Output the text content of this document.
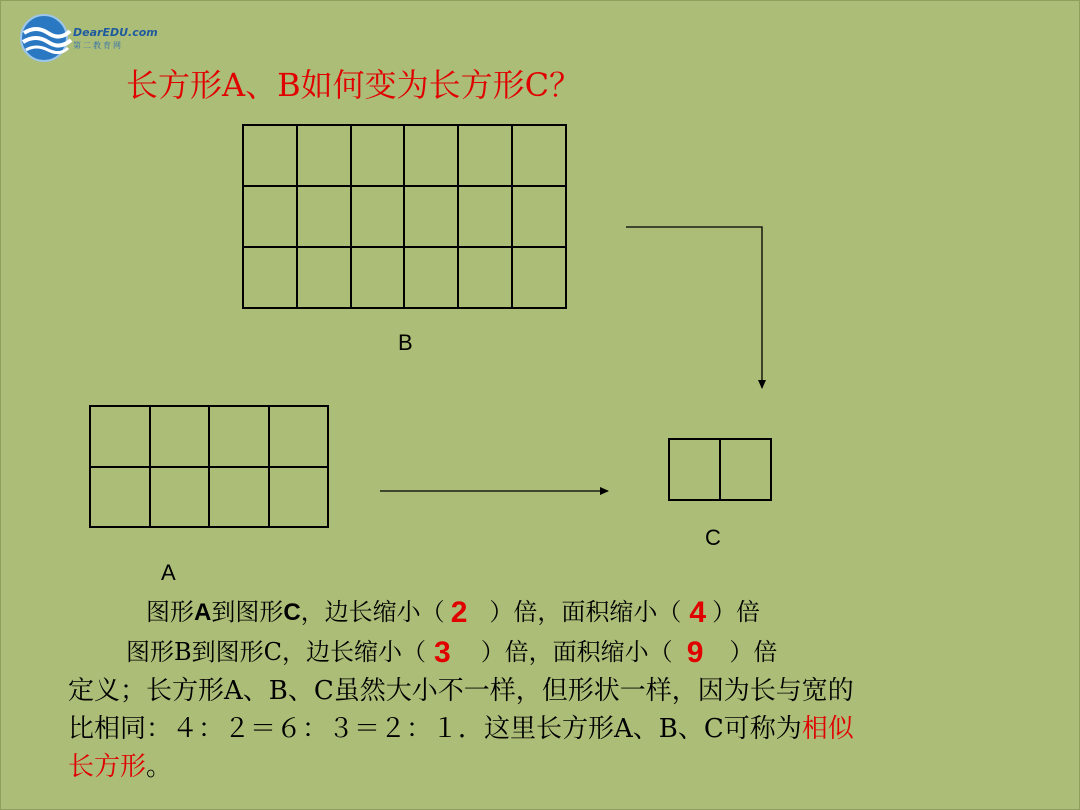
DearEDU.com
第二教育网
长方形A、B如何变为长方形C？
B
A
C
图形A到图形C，边长缩小（ 2 ）倍，面积缩小（ 4 ）倍
图形B到图形C，边长缩小（ 3 ）倍，面积缩小（ 9 ）倍
定义；长方形A、B、C虽然大小不一样，但形状一样，因为长与宽的
比相同：４：２＝６：３＝２：１．这里长方形A、B、C可称为相似
长方形。
